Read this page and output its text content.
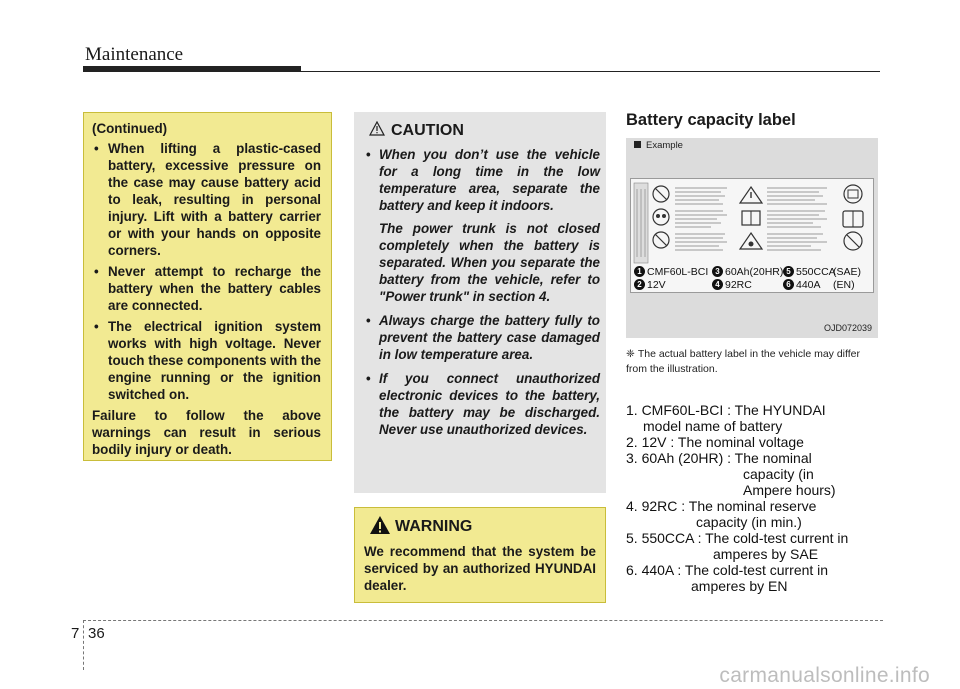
Maintenance
(Continued)
• When lifting a plastic-cased battery, excessive pressure on the case may cause battery acid to leak, resulting in personal injury. Lift with a battery carrier or with your hands on opposite corners.
• Never attempt to recharge the battery when the battery cables are connected.
• The electrical ignition system works with high voltage. Never touch these components with the engine running or the ignition switched on.
Failure to follow the above warnings can result in serious bodily injury or death.
CAUTION
• When you don’t use the vehicle for a long time in the low temperature area, separate the battery and keep it indoors.
The power trunk is not closed completely when the battery is separated. When you separate the battery from the vehicle, refer to "Power trunk" in section 4.
• Always charge the battery fully to prevent the battery case damaged in low temperature area.
• If you connect unauthorized electronic devices to the battery, the battery may be discharged. Never use unauthorized devices.
WARNING
We recommend that the system be serviced by an authorized HYUNDAI dealer.
Battery capacity label
Example
1 CMF60L-BCI 3 60Ah(20HR) 5 550CCA
(SAE)
2 12V	4 92RC	6 440A (EN)
OJD072039
❈ The actual battery label in the vehicle may differ from the illustration.
1. CMF60L-BCI : The HYUNDAI
model name of battery
2. 12V : The nominal voltage
3. 60Ah (20HR) : The nominal
capacity (in Ampere hours)
4. 92RC : The nominal reserve
capacity (in min.)
5. 550CCA : The cold-test current in
amperes by SAE
6. 440A : The cold-test current in
amperes by EN
7 36
carmanualsonline.info
